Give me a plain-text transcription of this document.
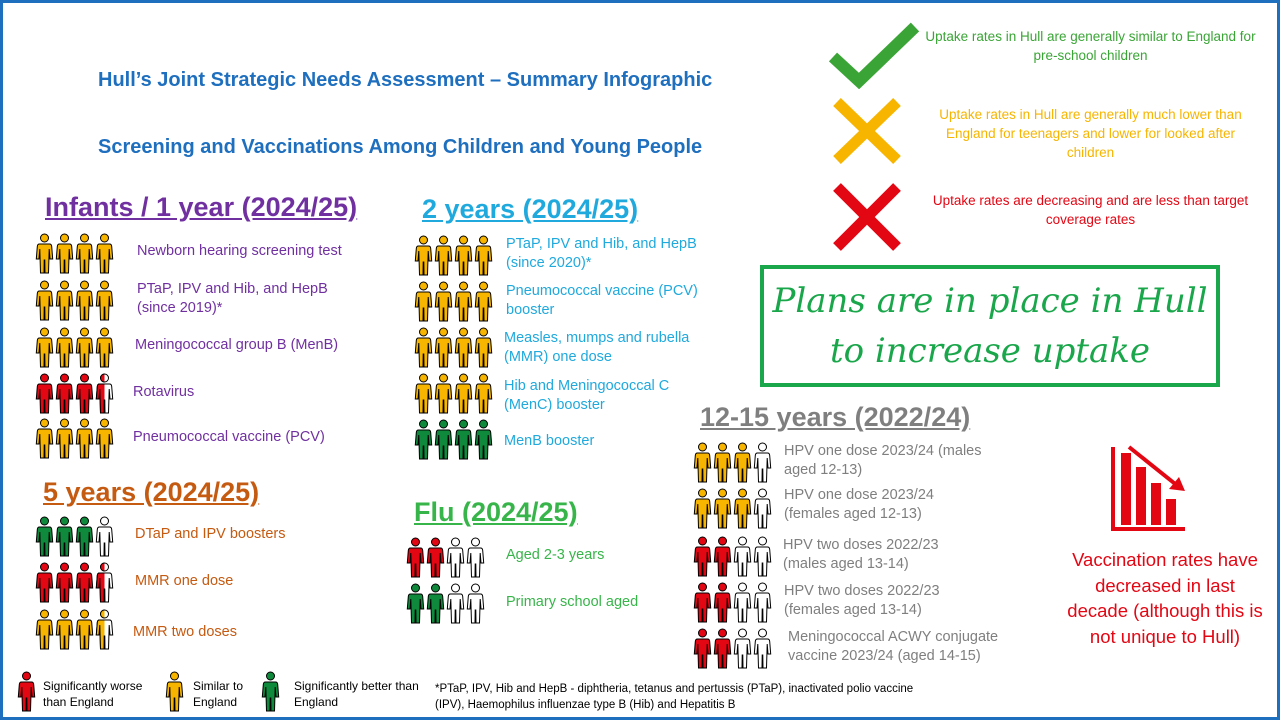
Hull’s Joint Strategic Needs Assessment – Summary Infographic
Screening and Vaccinations Among Children and Young People
Uptake rates in Hull are generally similar to England for pre-school children
Uptake rates in Hull are generally much lower than England for teenagers and lower for looked after children
Uptake rates are decreasing and are less than target coverage rates
Plans are in place in Hull to increase uptake
Infants / 1 year (2024/25) 2 years (2024/25)
5 years (2024/25)
Flu (2024/25)
12-15 years (2022/24)
Newborn hearing screening test
PTaP, IPV and Hib, and HepB (since 2019)*
Meningococcal group B (MenB)
Rotavirus
Pneumococcal vaccine (PCV)
PTaP, IPV and Hib, and HepB (since 2020)*
Pneumococcal vaccine (PCV) booster
Measles, mumps and rubella (MMR) one dose
Hib and Meningococcal C (MenC) booster
MenB booster
DTaP and IPV boosters
MMR one dose
MMR two doses
Aged 2-3 years
Primary school aged
HPV one dose 2023/24 (males aged 12-13)
HPV one dose 2023/24 (females aged 12-13)
HPV two doses 2022/23 (males aged 13-14)
HPV two doses 2022/23 (females aged 13-14)
Meningococcal ACWY conjugate vaccine 2023/24 (aged 14-15)
Vaccination rates have decreased in last decade (although this is not unique to Hull)
Significantly worse than England
Similar to England
Significantly better than England
*PTaP, IPV, Hib and HepB - diphtheria, tetanus and pertussis (PTaP), inactivated polio vaccine (IPV), Haemophilus influenzae type B (Hib) and Hepatitis B
